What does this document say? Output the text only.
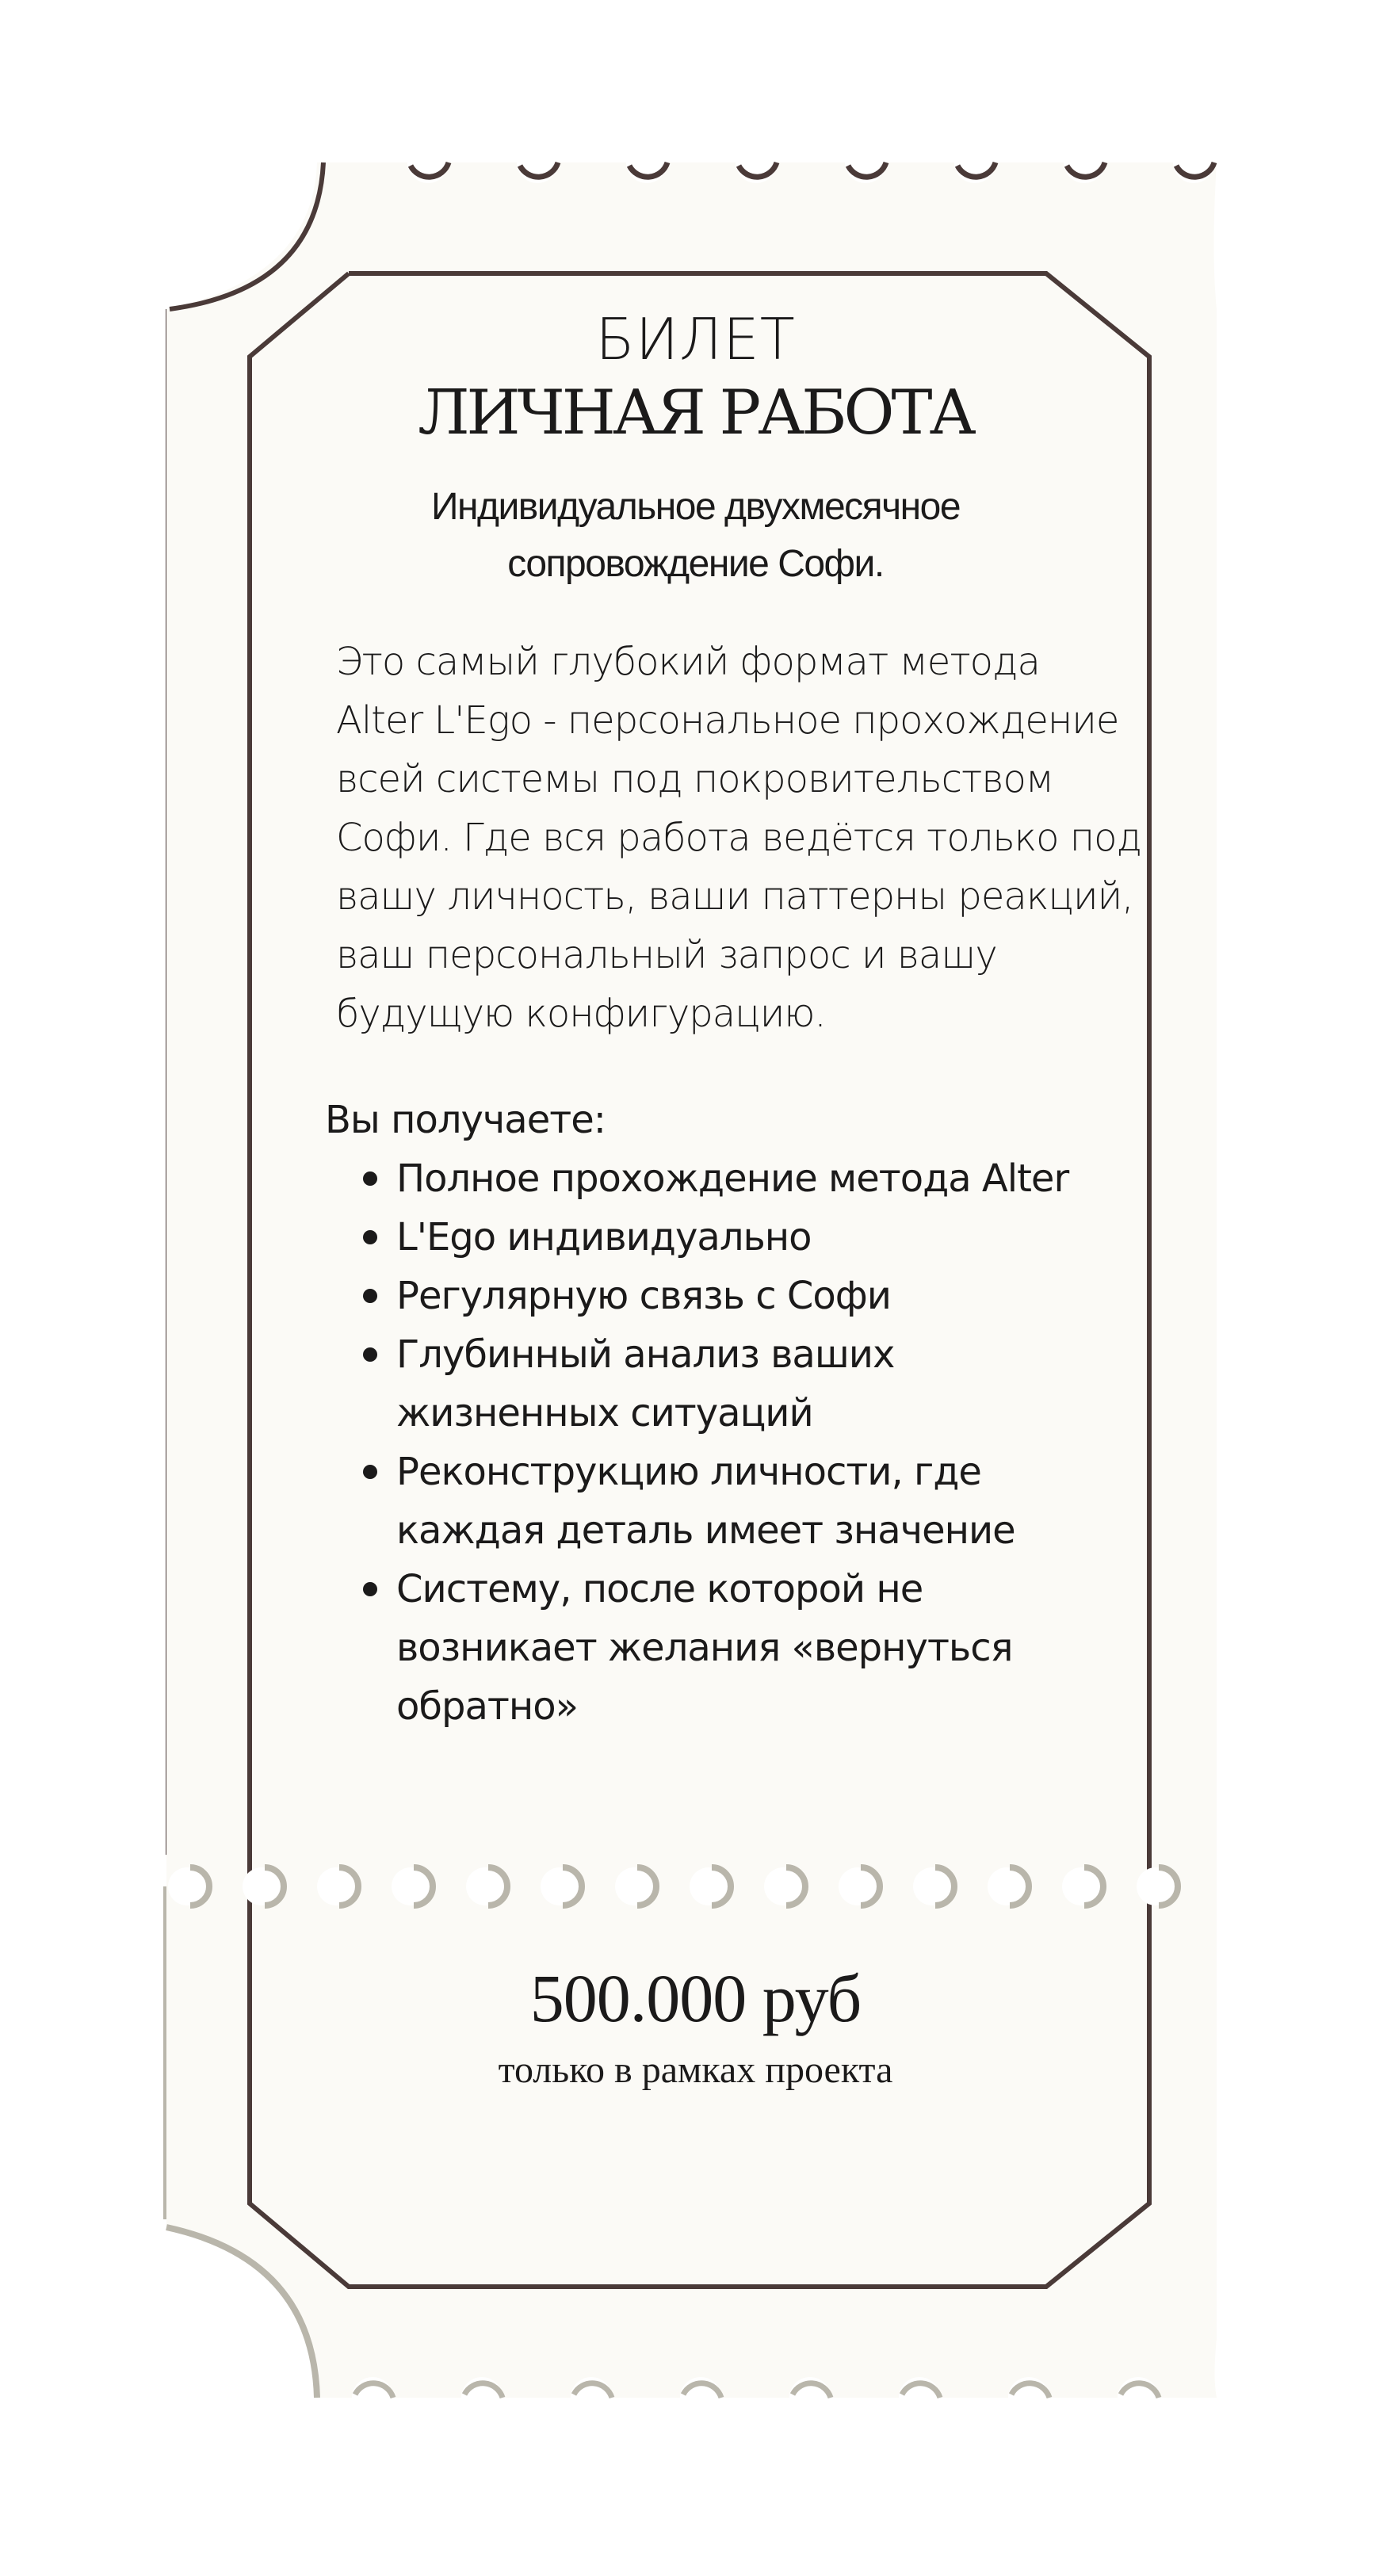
БИЛЕТ
ЛИЧНАЯ РАБОТА
Индивидуальное двухмесячное
сопровождение Софи.
Это самый глубокий формат метода
Alter L'Ego - персональное прохождение
всей системы под покровительством
Софи. Где вся работа ведётся только под
вашу личность, ваши паттерны реакций,
ваш персональный запрос и вашу
будущую конфигурацию.
Вы получаете:
Полное прохождение метода Alter
L'Ego индивидуально
Регулярную связь с Софи
Глубинный анализ ваших
жизненных ситуаций
Реконструкцию личности, где
каждая деталь имеет значение
Систему, после которой не
возникает желания «вернуться
обратно»
500.000 руб
только в рамках проекта
